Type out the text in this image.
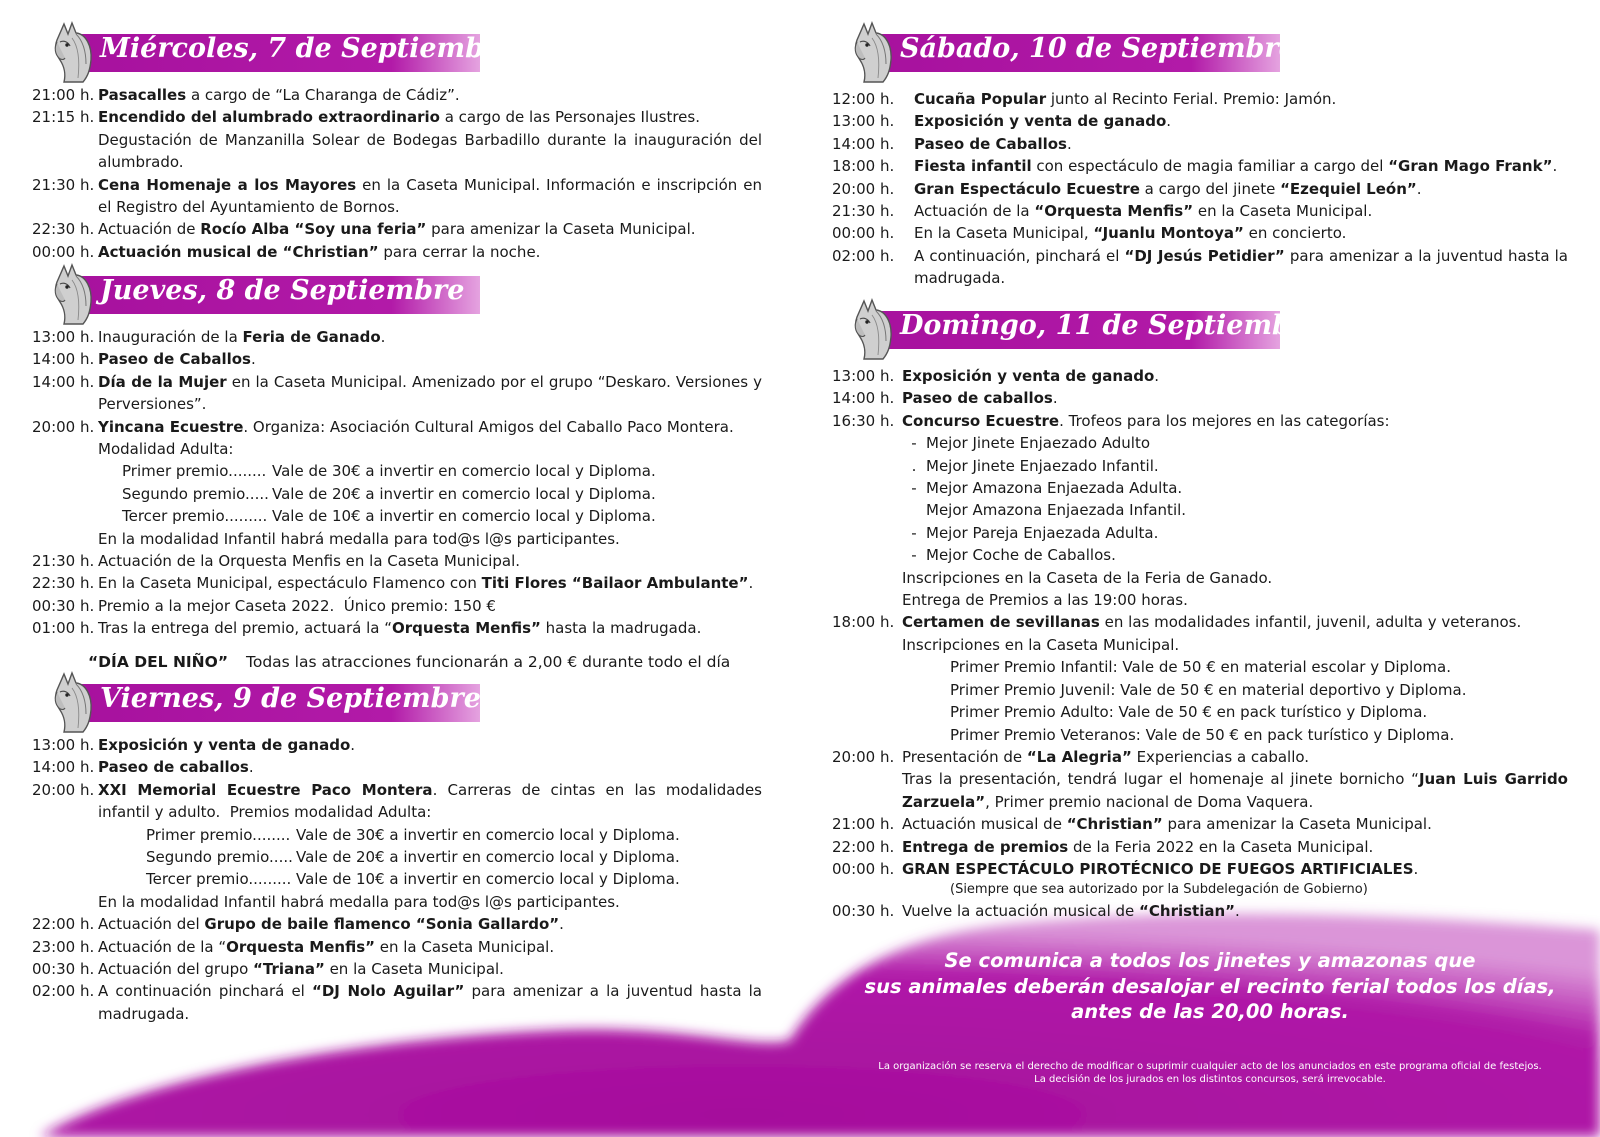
Miércoles, 7 de Septiembre
21:00 h. Pasacalles a cargo de “La Charanga de Cádiz”.
21:15 h. Encendido del alumbrado extraordinario a cargo de las Personajes Ilustres.
Degustación de Manzanilla Solear de Bodegas Barbadillo durante la inauguración del alumbrado.
21:30 h. Cena Homenaje a los Mayores en la Caseta Municipal. Información e inscripción en el Registro del Ayuntamiento de Bornos.
22:30 h. Actuación de Rocío Alba “Soy una feria” para amenizar la Caseta Municipal.
00:00 h. Actuación musical de “Christian” para cerrar la noche.
Jueves, 8 de Septiembre
13:00 h. Inauguración de la Feria de Ganado.
14:00 h. Paseo de Caballos.
14:00 h. Día de la Mujer en la Caseta Municipal. Amenizado por el grupo “Deskaro. Versiones y Perversiones”.
20:00 h. Yincana Ecuestre. Organiza: Asociación Cultural Amigos del Caballo Paco Montera.
Modalidad Adulta:
Primer premio........ Vale de 30€ a invertir en comercio local y Diploma.
Segundo premio..... Vale de 20€ a invertir en comercio local y Diploma.
Tercer premio......... Vale de 10€ a invertir en comercio local y Diploma.
En la modalidad Infantil habrá medalla para tod@s l@s participantes.
21:30 h. Actuación de la Orquesta Menfis en la Caseta Municipal.
22:30 h. En la Caseta Municipal, espectáculo Flamenco con Titi Flores “Bailaor Ambulante”.
00:30 h. Premio a la mejor Caseta 2022.  Único premio: 150 €
01:00 h. Tras la entrega del premio, actuará la “Orquesta Menfis” hasta la madrugada.
Viernes, 9 de Septiembre
13:00 h. Exposición y venta de ganado.
14:00 h. Paseo de caballos.
20:00 h. XXI Memorial Ecuestre Paco Montera. Carreras de cintas en las modalidades infantil y adulto.  Premios modalidad Adulta:
Primer premio........ Vale de 30€ a invertir en comercio local y Diploma.
Segundo premio..... Vale de 20€ a invertir en comercio local y Diploma.
Tercer premio......... Vale de 10€ a invertir en comercio local y Diploma.
En la modalidad Infantil habrá medalla para tod@s l@s participantes.
22:00 h. Actuación del Grupo de baile flamenco “Sonia Gallardo”.
23:00 h. Actuación de la “Orquesta Menfis” en la Caseta Municipal.
00:30 h. Actuación del grupo “Triana” en la Caseta Municipal.
02:00 h. A continuación pinchará el “DJ Nolo Aguilar” para amenizar a la juventud hasta la madrugada.
“DÍA DEL NIÑO” Todas las atracciones funcionarán a 2,00 € durante todo el día
Sábado, 10 de Septiembre
12:00 h.	Cucaña Popular junto al Recinto Ferial. Premio: Jamón.
13:00 h.	Exposición y venta de ganado.
14:00 h.	Paseo de Caballos.
18:00 h.	Fiesta infantil con espectáculo de magia familiar a cargo del “Gran Mago Frank”.
20:00 h.	Gran Espectáculo Ecuestre a cargo del jinete “Ezequiel León”.
21:30 h.	Actuación de la “Orquesta Menfis” en la Caseta Municipal.
00:00 h.	En la Caseta Municipal, “Juanlu Montoya” en concierto.
02:00 h.	A continuación, pinchará el “DJ Jesús Petidier” para amenizar a la juventud hasta la madrugada.
Domingo, 11 de Septiembre
13:00 h. Exposición y venta de ganado.
14:00 h. Paseo de caballos.
16:30 h. Concurso Ecuestre. Trofeos para los mejores en las categorías:
- Mejor Jinete Enjaezado Adulto
. Mejor Jinete Enjaezado Infantil.
- Mejor Amazona Enjaezada Adulta.
Mejor Amazona Enjaezada Infantil.
- Mejor Pareja Enjaezada Adulta.
- Mejor Coche de Caballos.
Inscripciones en la Caseta de la Feria de Ganado.
Entrega de Premios a las 19:00 horas.
18:00 h. Certamen de sevillanas en las modalidades infantil, juvenil, adulta y veteranos.
Inscripciones en la Caseta Municipal.
Primer Premio Infantil: Vale de 50 € en material escolar y Diploma.
Primer Premio Juvenil: Vale de 50 € en material deportivo y Diploma.
Primer Premio Adulto: Vale de 50 € en pack turístico y Diploma.
Primer Premio Veteranos: Vale de 50 € en pack turístico y Diploma.
20:00 h. Presentación de “La Alegria” Experiencias a caballo.
Tras la presentación, tendrá lugar el homenaje al jinete bornicho “Juan Luis Garrido Zarzuela”, Primer premio nacional de Doma Vaquera.
21:00 h. Actuación musical de “Christian” para amenizar la Caseta Municipal.
22:00 h. Entrega de premios de la Feria 2022 en la Caseta Municipal.
00:00 h. GRAN ESPECTÁCULO PIROTÉCNICO DE FUEGOS ARTIFICIALES.
(Siempre que sea autorizado por la Subdelegación de Gobierno)
00:30 h. Vuelve la actuación musical de “Christian”.
Se comunica a todos los jinetes y amazonas que
sus animales deberán desalojar el recinto ferial todos los días,
antes de las 20,00 horas.
La organización se reserva el derecho de modificar o suprimir cualquier acto de los anunciados en este programa oficial de festejos.
La decisión de los jurados en los distintos concursos, será irrevocable.
